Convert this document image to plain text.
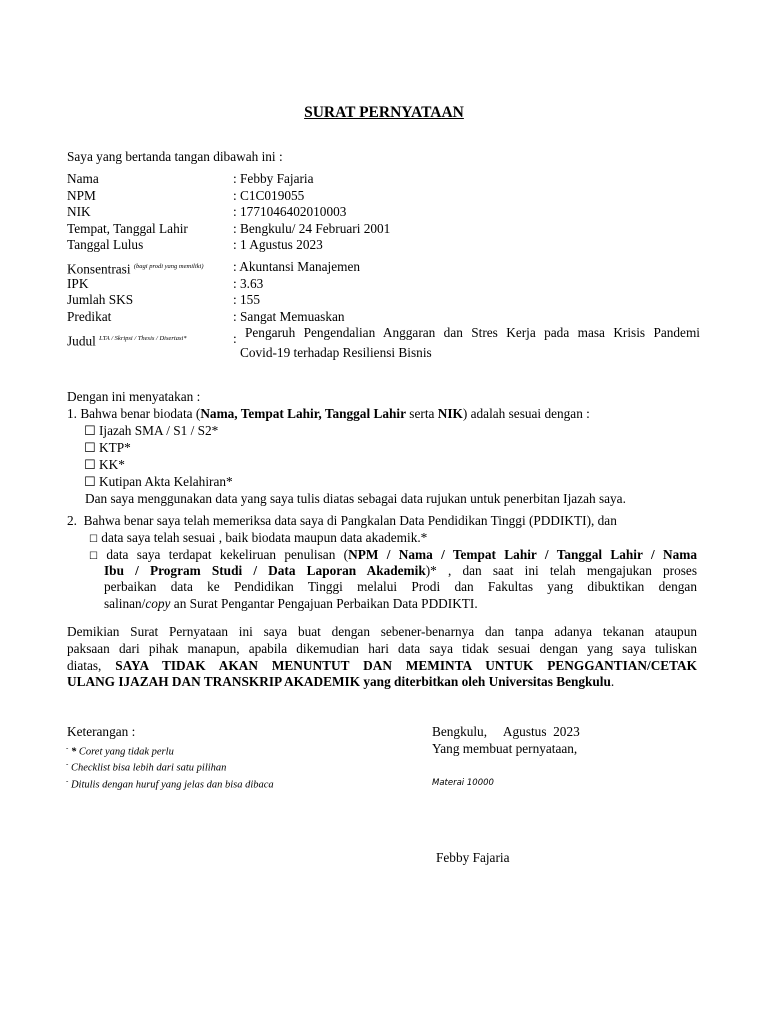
SURAT PERNYATAAN
Saya yang bertanda tangan dibawah ini :
Nama	: Febby Fajaria
NPM	: C1C019055
NIK	: 1771046402010003
Tempat, Tanggal Lahir	: Bengkulu/ 24 Februari 2001
Tanggal Lulus	: 1 Agustus 2023
Konsentrasi $^{(bagi prodi yang memiliki)}$ : Akuntansi Manajemen
IPK	: 3.63
Jumlah SKS	: 155
Predikat	: Sangat Memuaskan
Judul $^{LTA / Skripsi / Thesis / Disertasi*}$	: Pengaruh Pengendalian Anggaran dan Stres Kerja pada masa Krisis Pandemi
Covid-19 terhadap Resiliensi Bisnis
Dengan ini menyatakan :
1. Bahwa benar biodata (Nama, Tempat Lahir, Tanggal Lahir serta NIK) adalah sesuai dengan :
☐ Ijazah SMA / S1 / S2*
☐ KTP*
☐ KK*
☐ Kutipan Akta Kelahiran*
Dan saya menggunakan data yang saya tulis diatas sebagai data rujukan untuk penerbitan Ijazah saya.
2. Bahwa benar saya telah memeriksa data saya di Pangkalan Data Pendidikan Tinggi (PDDIKTI), dan
☐ data saya telah sesuai , baik biodata maupun data akademik.*
☐ data saya terdapat kekeliruan penulisan (NPM / Nama / Tempat Lahir / Tanggal Lahir / Nama
Ibu / Program Studi / Data Laporan Akademik)* , dan saat ini telah mengajukan proses
perbaikan data ke Pendidikan Tinggi melalui Prodi dan Fakultas yang dibuktikan dengan
salinan/copy an Surat Pengantar Pengajuan Perbaikan Data PDDIKTI.
Demikian Surat Pernyataan ini saya buat dengan sebener-benarnya dan tanpa adanya tekanan ataupun
paksaan dari pihak manapun, apabila dikemudian hari data saya tidak sesuai dengan yang saya tuliskan
diatas, SAYA TIDAK AKAN MENUNTUT DAN MEMINTA UNTUK PENGGANTIAN/CETAK
ULANG IJAZAH DAN TRANSKRIP AKADEMIK yang diterbitkan oleh Universitas Bengkulu.
Keterangan :
- * Coret yang tidak perlu
- Checklist bisa lebih dari satu pilihan
- Ditulis dengan huruf yang jelas dan bisa dibaca
Bengkulu,     Agustus  2023
Yang membuat pernyataan,
Materai 10000
Febby Fajaria
